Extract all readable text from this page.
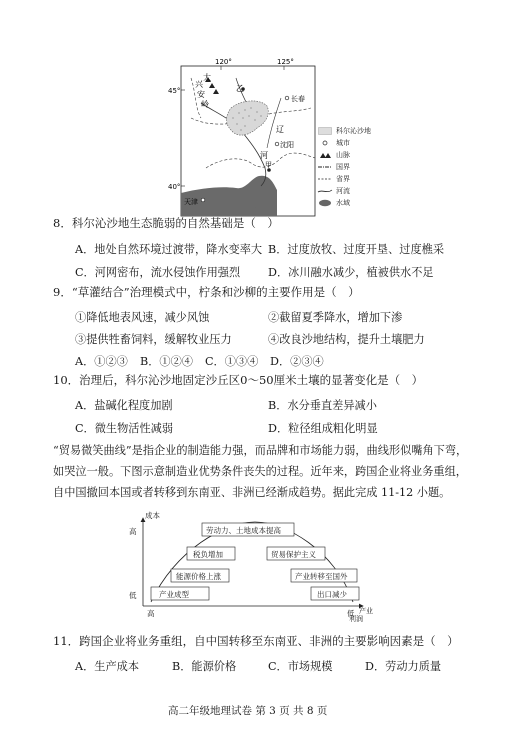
120°	125°
45°
40°
大
兴
安
岭
乙
长春
沈阳
辽
河
甲
天津
科尔沁沙地
城市
山脉
国界
省界
河流
水域
8．科尔沁沙地生态脆弱的自然基础是（　）
A．地处自然环境过渡带，降水变率大 B．过度放牧、过度开垦、过度樵采
C．河网密布，流水侵蚀作用强烈 D．冰川融水减少，植被供水不足
9．“草灌结合”治理模式中，柠条和沙柳的主要作用是（　）
①降低地表风速，减少风蚀	②截留夏季降水，增加下渗
③提供牲畜饲料，缓解牧业压力	④改良沙地结构，提升土壤肥力
A．①②③ B．①②④ C．①③④ D．②③④
10．治理后，科尔沁沙地固定沙丘区0～50厘米土壤的显著变化是（　）
A．盐碱化程度加剧	B．水分垂直差异减小
C．微生物活性减弱	D．粒径组成粗化明显
“贸易微笑曲线”是指企业的制造能力强，而品牌和市场能力弱，曲线形似嘴角下弯，如哭泣一般。下图示意制造业优势条件丧失的过程。近年来，跨国企业将业务重组，自中国撤回本国或者转移到东南亚、非洲已经渐成趋势。据此完成 11-12 小题。
劳动力、土地成本提高
税负增加	贸易保护主义
能源价格上涨	产业转移至国外
产业成型	出口减少
成本
高
低
高	低 产业
利润
11．跨国企业将业务重组，自中国转移至东南亚、非洲的主要影响因素是（　）
A．生产成本	B．能源价格	C．市场规模	D．劳动力质量
高二年级地理试卷 第 3 页 共 8 页
